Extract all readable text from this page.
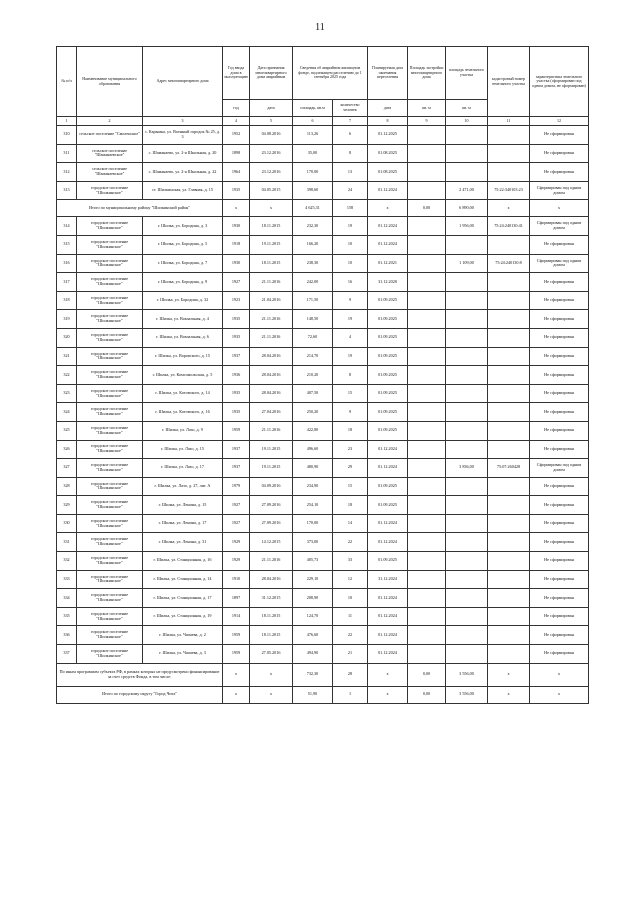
11
№ п/п	Наименование муниципального образования	Адрес многоквартирного дома	Год ввода дома в эксплуатацию	Дата признания многоквартирного дома аварийным	Сведения об аварийном жилищном фонде, подлежащем расселению до 1 сентября 2025 года		Планируемая дата окончания переселения	Площадь застройки многоквартирного дома	площадь земельного участка	кадастровый номер земельного участка	характеристика земельного участка (сформирован под одним домом, не сформирован)
			год	дата	площадь, кв.м	количество человек	дата	кв. м	кв. м		
1	2	3	4	5	6	7	8	9	10	11	12
310	сельское поселение "Смоленское"	с. Карымка, ул. Военный городок № 25, д. 3	1952	04.08.2016	113,26	6	01.12.2025				Не сформирован
311	сельское поселение "Шаманаевское"	с. Шаманаево, ул. 2-я Школьная, д. 20	1898	23.12.2016	35,00	8	01.08.2025				Не сформирован
312	сельское поселение "Шаманаевское"	с. Шаманаево, ул. 2-я Школьная, д. 22	1964	23.12.2016	170,00	13	01.08.2025				Не сформирован
313	городское поселение "Шилкинское"	ст. Шилкинская, ул. Главная, д. 15	1935	04.05.2015	398,60	24	01.12.2024		2 471,00	75:22:340103:23	Сформирован под одним домом
Итого по муниципальному району "Шилкинский район"			х	х	4 625,31	158	х	0,00	6 890,00	х	х
314	городское поселение "Шилкинское"	г. Шилка, ул. Бородина, д. 3	1930	18.11.2015	232,30	19	01.12.2024		1 956,00	75:24:240130:41	Сформирован под одним домом
315	городское поселение "Шилкинское"	г. Шилка, ул. Бородина, д. 5	1918	19.11.2015	166,20	10	01.12.2024				Не сформирован
316	городское поселение "Шилкинское"	г. Шилка, ул. Бородина, д. 7	1930	18.11.2015	238,30	10	01.12.2021		1 109,00	75:24:240130:8	Сформирован под одним домом
317	городское поселение "Шилкинское"	г. Шилка, ул. Бородина, д. 9	1927	21.11.2016	242,00	16	31.12.2020				Не сформирован
318	городское поселение "Шилкинское"	г. Шилка, ул. Бородина, д. 32	1923	21.04.2016	171,50	9	01.09.2025				Не сформирован
319	городское поселение "Шилкинское"	г. Шилка, ул. Вокзальная, д. 4	1935	21.11.2016	148,50	19	01.09.2025				Не сформирован
320	городское поселение "Шилкинское"	г. Шилка, ул. Вокзальная, д. 6	1935	21.11.2016	72,60	4	01.09.2025				Не сформирован
321	городское поселение "Шилкинское"	г. Шилка, ул. Воровского, д. 15	1937	28.04.2016	214,70	19	01.09.2025				Не сформирован
322	городское поселение "Шилкинское"	г. Шилка, ул. Комсомольская, д. 5	1936	28.04.2016	210,20	8	01.09.2025				Не сформирован
323	городское поселение "Шилкинское"	г. Шилка, ул. Котовского, д. 14	1935	28.04.2016	407,50	15	01.09.2025				Не сформирован
324	городское поселение "Шилкинское"	г. Шилка, ул. Котовского, д. 16	1935	27.04.2016	250,20	9	01.09.2025				Не сформирован
325	городское поселение "Шилкинское"	г. Шилка, ул. Лазо, д. 9	1959	21.11.2016	422,80	18	01.09.2025				Не сформирован
326	городское поселение "Шилкинское"	г. Шилка, ул. Лазо, д. 15	1937	19.11.2015	496,60	23	01.12.2024				Не сформирован
327	городское поселение "Шилкинское"	г. Шилка, ул. Лазо, д. 17	1937	19.11.2015	480,90	29	01.12.2024		3 836,00	75:07:260428	Сформирован под одним домом
328	городское поселение "Шилкинское"	г. Шилка, ул. Лазо, д. 27, лит. А	1979	04.09.2016	234,90	15	01.09.2025				Не сформирован
329	городское поселение "Шилкинское"	г. Шилка, ул. Ленина, д. 15	1927	27.09.2016	254,10	18	01.09.2025				Не сформирован
330	городское поселение "Шилкинское"	г. Шилка, ул. Ленина, д. 17	1927	27.09.2016	170,00	14	01.12.2024				Не сформирован
331	городское поселение "Шилкинское"	г. Шилка, ул. Ленина, д. 31	1929	14.12.2015	373,00	22	01.12.2024				Не сформирован
332	городское поселение "Шилкинское"	г. Шилка, ул. Станционная, д. 16	1929	21.11.2016	405,73	33	01.09.2025				Не сформирован
333	городское поселение "Шилкинское"	г. Шилка, ул. Станционная, д. 14	1910	28.04.2016	229,10	12	31.12.2024				Не сформирован
334	городское поселение "Шилкинское"	г. Шилка, ул. Станционная, д. 17	1897	31.12.2015	208,90	10	01.12.2024				Не сформирован
335	городское поселение "Шилкинское"	г. Шилка, ул. Станционная, д. 19	1914	18.11.2015	124,70	11	01.12.2024				Не сформирован
336	городское поселение "Шилкинское"	г. Шилка, ул. Чапаева, д. 2	1959	18.11.2015	476,60	22	01.12.2024				Не сформирован
337	городское поселение "Шилкинское"	г. Шилка, ул. Чапаева, д. 3	1959	27.05.2016	494,90	21	01.12.2024				Не сформирован
По иным программам субъекта РФ, в рамках которых не предусмотрено финансирование за счет средств Фонда, в том числе:			х	х	732,30	28	х	0,00	3 556,00	х	х
Итого по городскому округу "Город Чита"			х	х	51,90	1	х	0,00	3 556,00	х	х
